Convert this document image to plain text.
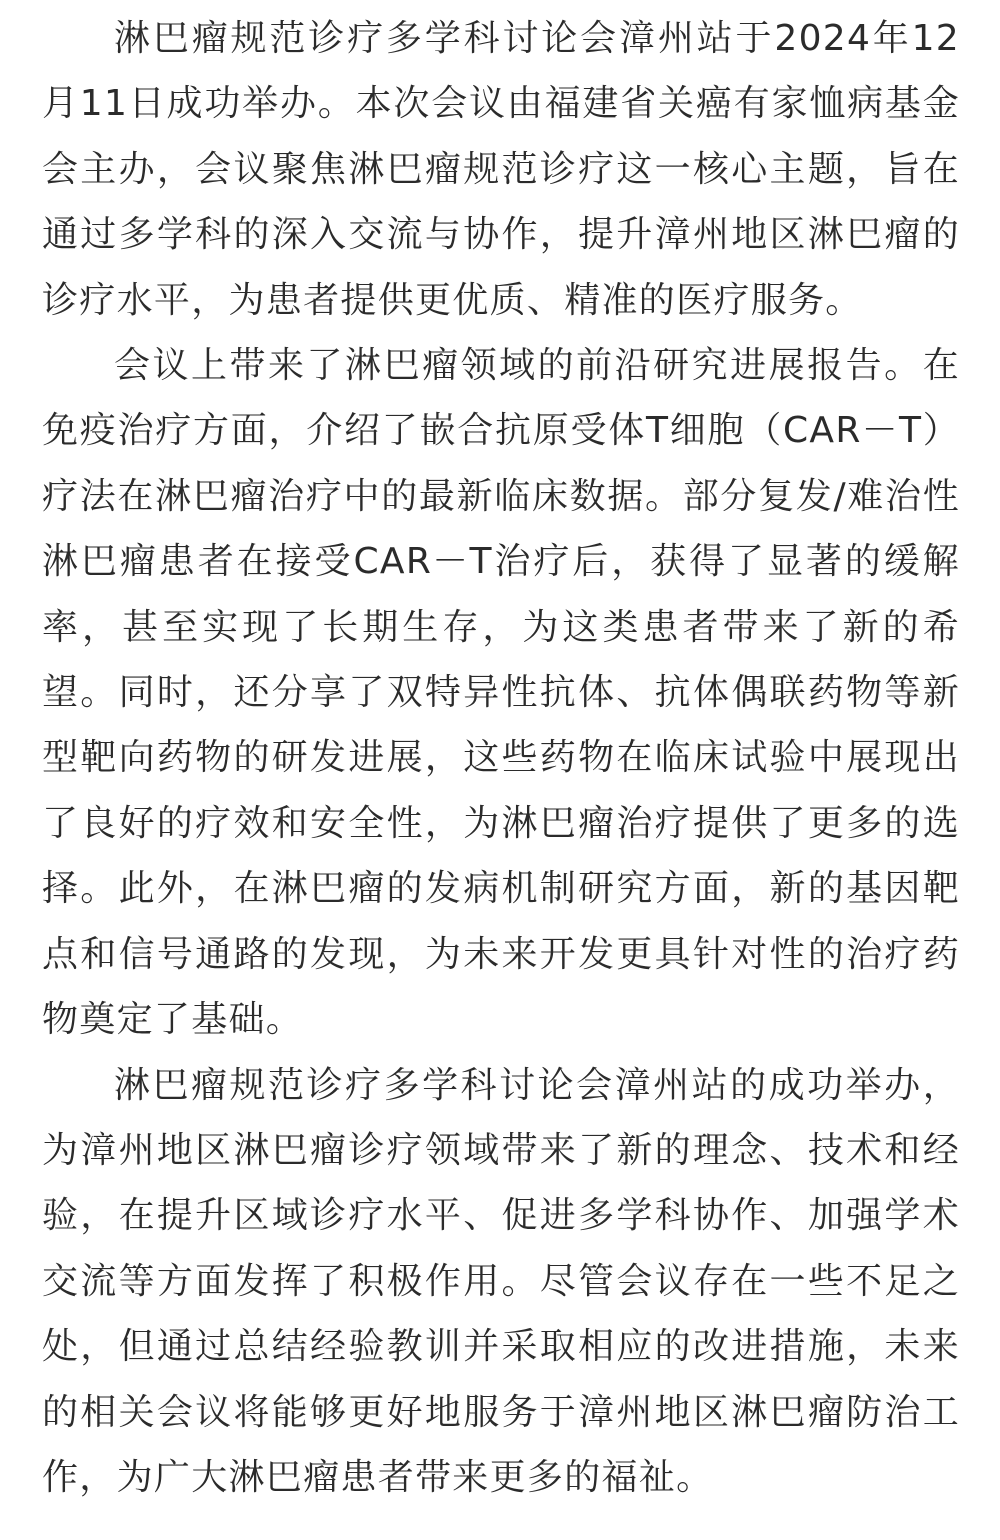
淋巴瘤规范诊疗多学科讨论会漳州站于2024年12月11日成功举办。本次会议由福建省关癌有家恤病基金会主办，会议聚焦淋巴瘤规范诊疗这一核心主题，旨在通过多学科的深入交流与协作，提升漳州地区淋巴瘤的诊疗水平，为患者提供更优质、精准的医疗服务。

会议上带来了淋巴瘤领域的前沿研究进展报告。在免疫治疗方面，介绍了嵌合抗原受体T细胞（CAR－T）疗法在淋巴瘤治疗中的最新临床数据。部分复发/难治性淋巴瘤患者在接受CAR－T治疗后，获得了显著的缓解率，甚至实现了长期生存，为这类患者带来了新的希望。同时，还分享了双特异性抗体、抗体偶联药物等新型靶向药物的研发进展，这些药物在临床试验中展现出了良好的疗效和安全性，为淋巴瘤治疗提供了更多的选择。此外，在淋巴瘤的发病机制研究方面，新的基因靶点和信号通路的发现，为未来开发更具针对性的治疗药物奠定了基础。

淋巴瘤规范诊疗多学科讨论会漳州站的成功举办，为漳州地区淋巴瘤诊疗领域带来了新的理念、技术和经验，在提升区域诊疗水平、促进多学科协作、加强学术交流等方面发挥了积极作用。尽管会议存在一些不足之处，但通过总结经验教训并采取相应的改进措施，未来的相关会议将能够更好地服务于漳州地区淋巴瘤防治工作，为广大淋巴瘤患者带来更多的福祉。
